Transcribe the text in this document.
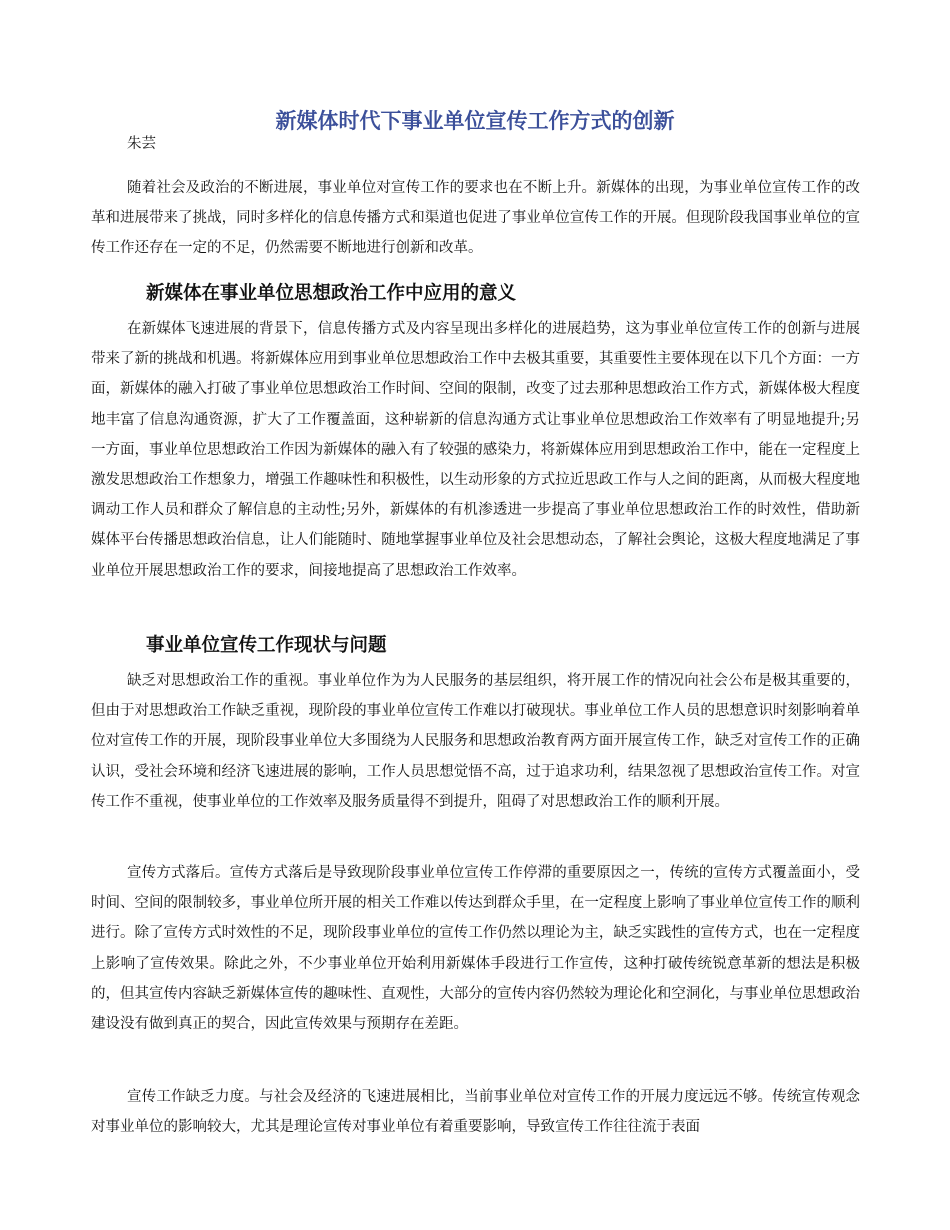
新媒体时代下事业单位宣传工作方式的创新

朱芸

随着社会及政治的不断进展，事业单位对宣传工作的要求也在不断上升。新媒体的出现，为事业单位宣传工作的改革和进展带来了挑战，同时多样化的信息传播方式和渠道也促进了事业单位宣传工作的开展。但现阶段我国事业单位的宣传工作还存在一定的不足，仍然需要不断地进行创新和改革。

新媒体在事业单位思想政治工作中应用的意义

在新媒体飞速进展的背景下，信息传播方式及内容呈现出多样化的进展趋势，这为事业单位宣传工作的创新与进展带来了新的挑战和机遇。将新媒体应用到事业单位思想政治工作中去极其重要，其重要性主要体现在以下几个方面：一方面，新媒体的融入打破了事业单位思想政治工作时间、空间的限制，改变了过去那种思想政治工作方式，新媒体极大程度地丰富了信息沟通资源，扩大了工作覆盖面，这种崭新的信息沟通方式让事业单位思想政治工作效率有了明显地提升;另一方面，事业单位思想政治工作因为新媒体的融入有了较强的感染力，将新媒体应用到思想政治工作中，能在一定程度上激发思想政治工作想象力，增强工作趣味性和积极性，以生动形象的方式拉近思政工作与人之间的距离，从而极大程度地调动工作人员和群众了解信息的主动性;另外，新媒体的有机渗透进一步提高了事业单位思想政治工作的时效性，借助新媒体平台传播思想政治信息，让人们能随时、随地掌握事业单位及社会思想动态，了解社会舆论，这极大程度地满足了事业单位开展思想政治工作的要求，间接地提高了思想政治工作效率。

事业单位宣传工作现状与问题

缺乏对思想政治工作的重视。事业单位作为为人民服务的基层组织，将开展工作的情况向社会公布是极其重要的，但由于对思想政治工作缺乏重视，现阶段的事业单位宣传工作难以打破现状。事业单位工作人员的思想意识时刻影响着单位对宣传工作的开展，现阶段事业单位大多围绕为人民服务和思想政治教育两方面开展宣传工作，缺乏对宣传工作的正确认识，受社会环境和经济飞速进展的影响，工作人员思想觉悟不高，过于追求功利，结果忽视了思想政治宣传工作。对宣传工作不重视，使事业单位的工作效率及服务质量得不到提升，阻碍了对思想政治工作的顺利开展。

宣传方式落后。宣传方式落后是导致现阶段事业单位宣传工作停滞的重要原因之一，传统的宣传方式覆盖面小，受时间、空间的限制较多，事业单位所开展的相关工作难以传达到群众手里，在一定程度上影响了事业单位宣传工作的顺利进行。除了宣传方式时效性的不足，现阶段事业单位的宣传工作仍然以理论为主，缺乏实践性的宣传方式，也在一定程度上影响了宣传效果。除此之外，不少事业单位开始利用新媒体手段进行工作宣传，这种打破传统锐意革新的想法是积极的，但其宣传内容缺乏新媒体宣传的趣味性、直观性，大部分的宣传内容仍然较为理论化和空洞化，与事业单位思想政治建设没有做到真正的契合，因此宣传效果与预期存在差距。

宣传工作缺乏力度。与社会及经济的飞速进展相比，当前事业单位对宣传工作的开展力度远远不够。传统宣传观念对事业单位的影响较大，尤其是理论宣传对事业单位有着重要影响，导致宣传工作往往流于表面
